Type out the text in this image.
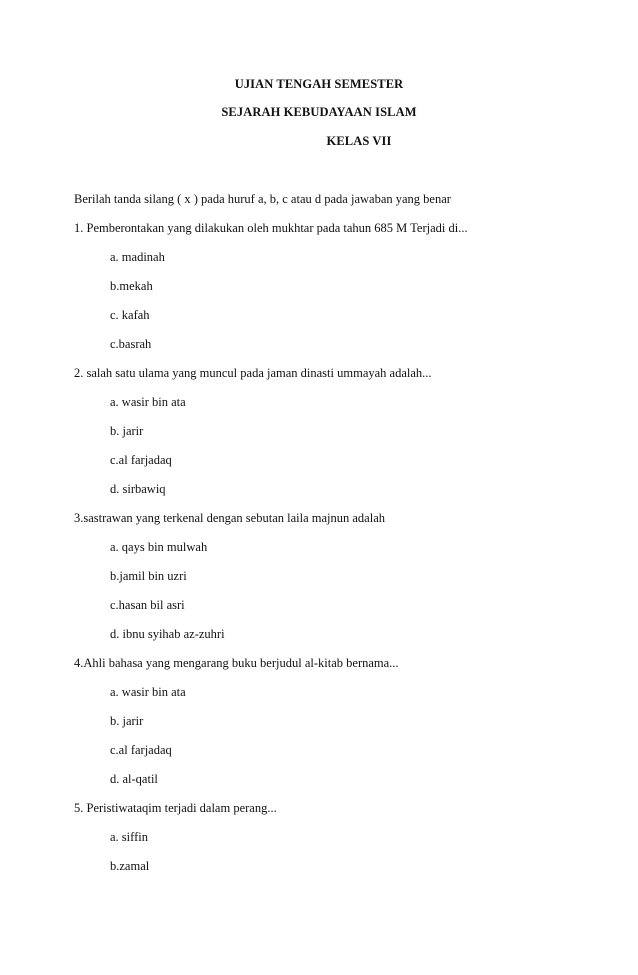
UJIAN TENGAH SEMESTER
SEJARAH KEBUDAYAAN ISLAM
KELAS VII
Berilah tanda silang ( x ) pada huruf a, b, c atau d pada jawaban yang benar
1. Pemberontakan yang dilakukan oleh mukhtar pada tahun 685 M Terjadi di...
a. madinah
b.mekah
c. kafah
c.basrah
2. salah satu ulama yang muncul pada jaman dinasti ummayah adalah...
a. wasir bin ata
b. jarir
c.al farjadaq
d. sirbawiq
3.sastrawan yang terkenal dengan sebutan laila majnun adalah
a. qays bin mulwah
b.jamil bin uzri
c.hasan bil asri
d. ibnu syihab az-zuhri
4.Ahli bahasa yang mengarang buku berjudul al-kitab bernama...
a. wasir bin ata
b. jarir
c.al farjadaq
d. al-qatil
5. Peristiwataqim terjadi dalam perang...
a. siffin
b.zamal
